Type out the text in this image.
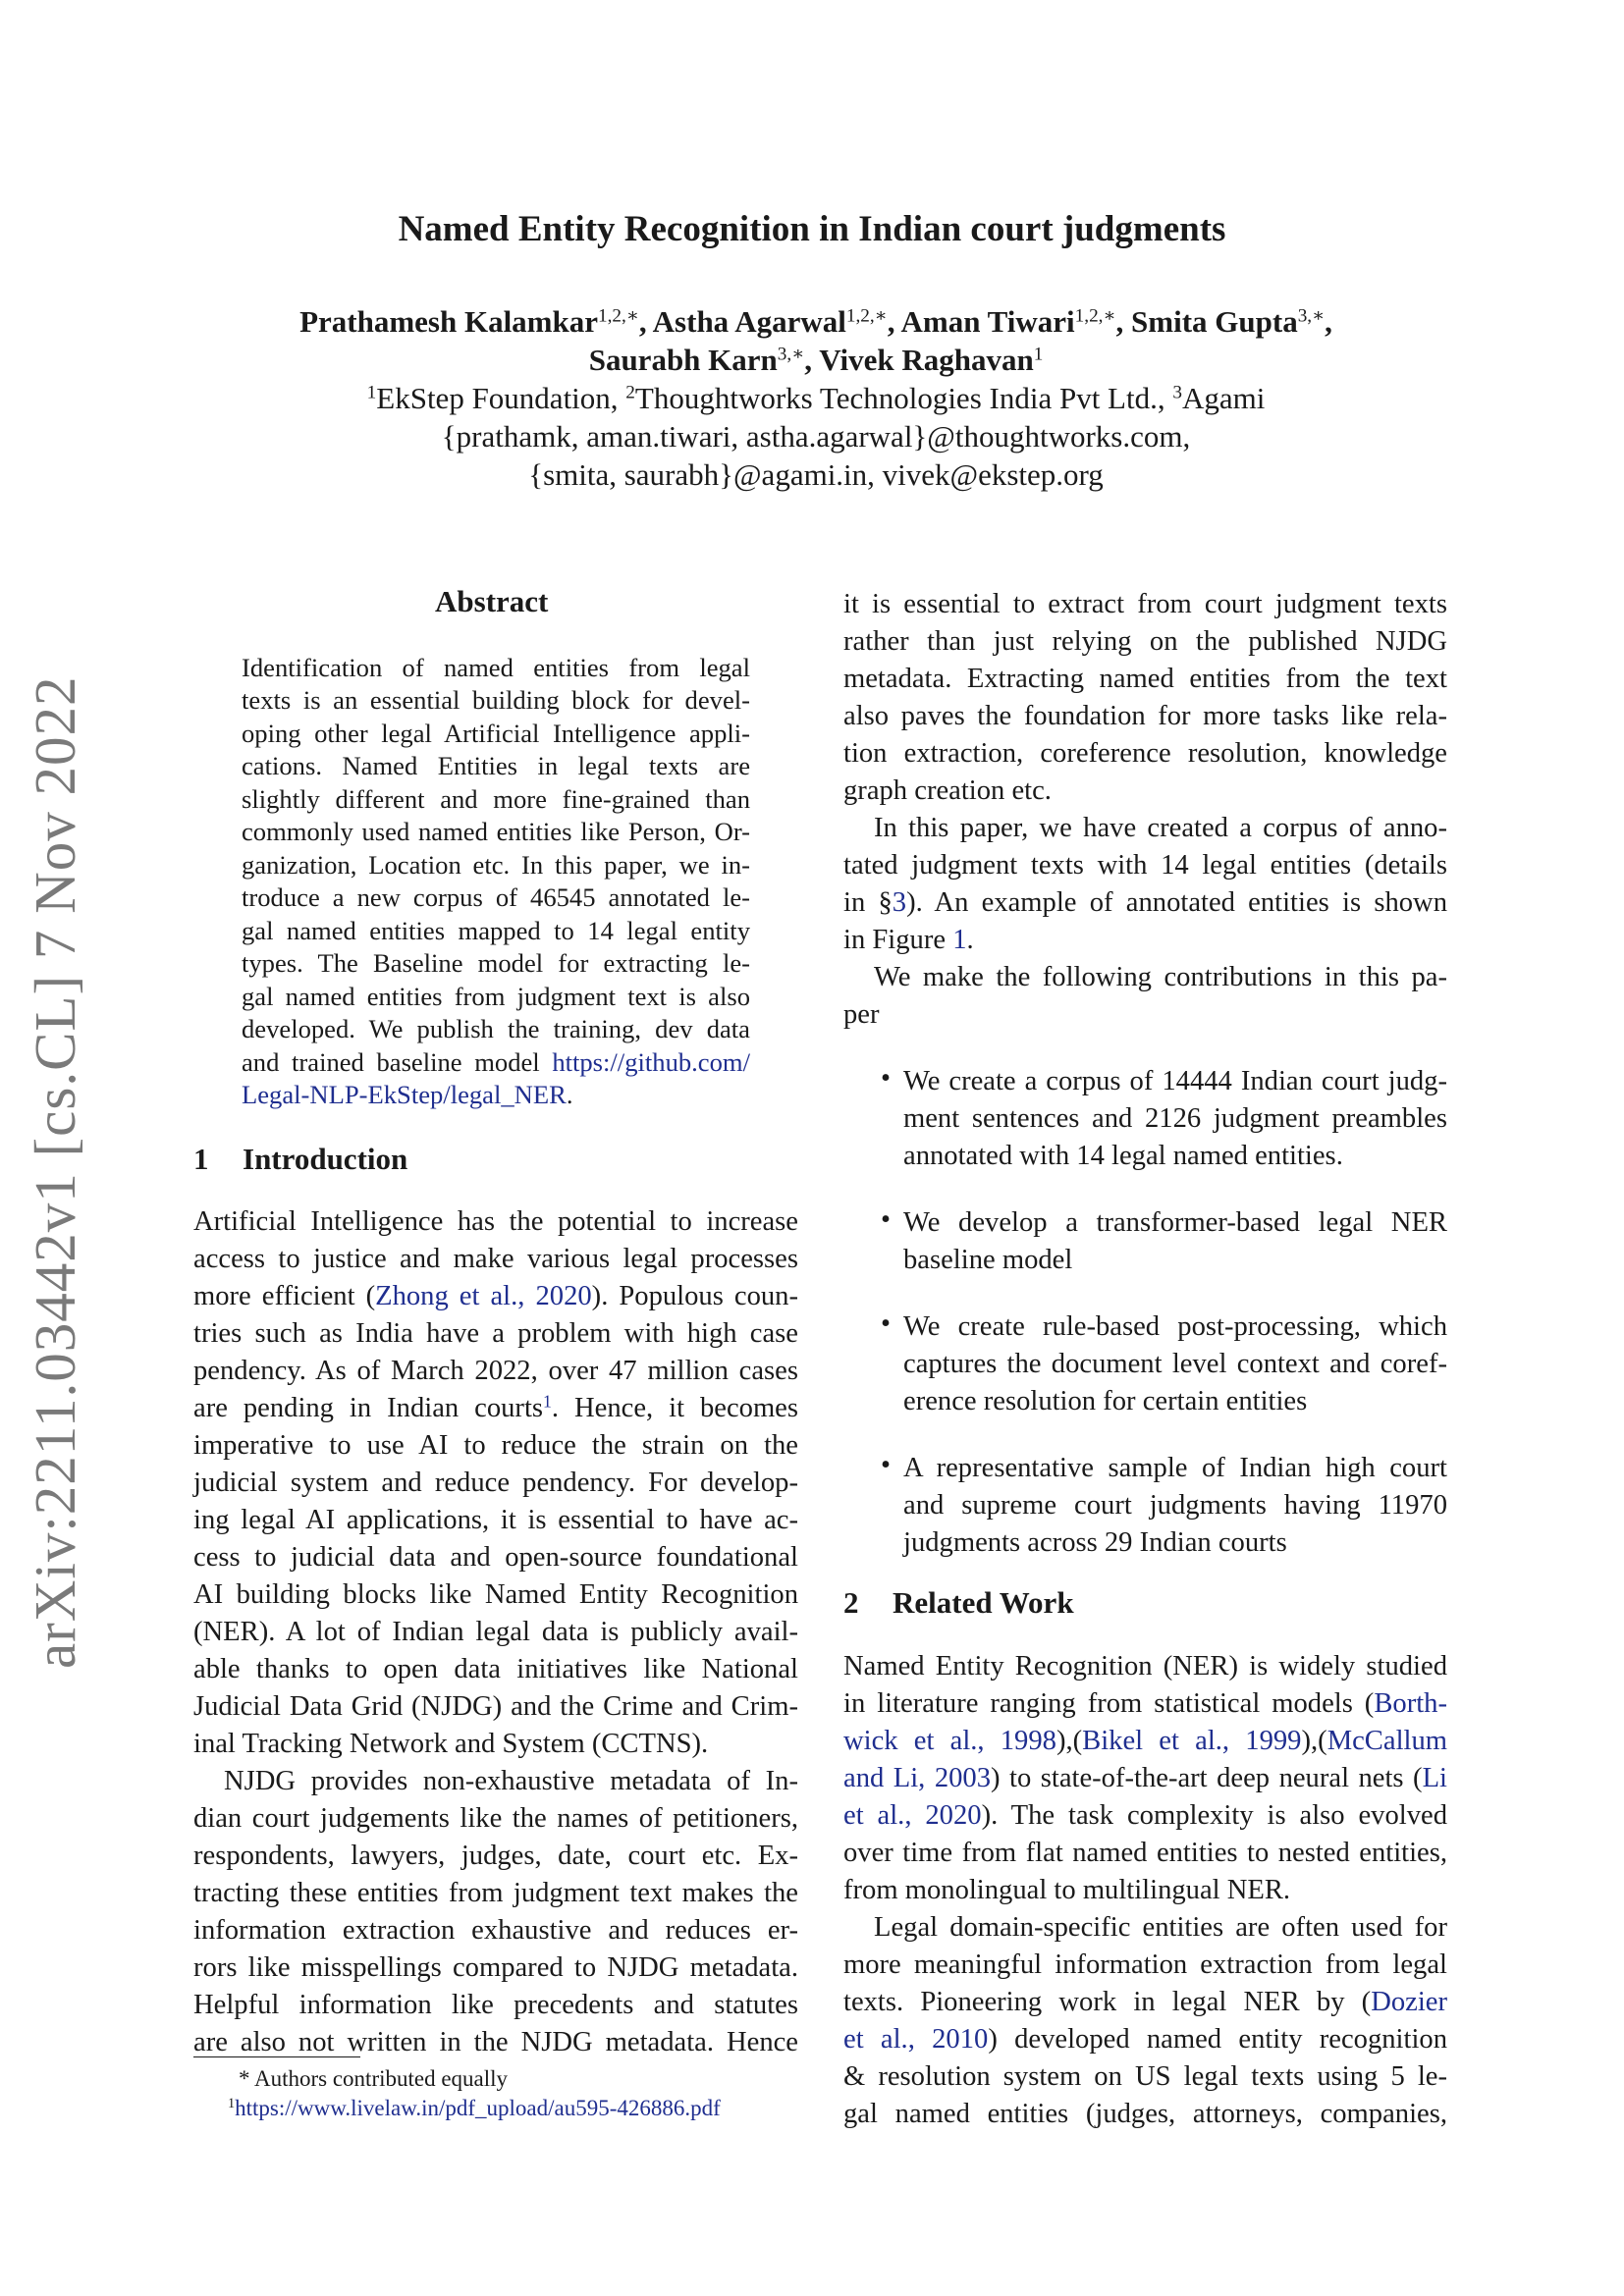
arXiv:2211.03442v1 [cs.CL] 7 Nov 2022
Named Entity Recognition in Indian court judgments
Prathamesh Kalamkar$^{1,2,∗}$, Astha Agarwal$^{1,2,∗}$, Aman Tiwari$^{1,2,∗}$, Smita Gupta$^{3,∗}$,
Saurabh Karn$^{3,∗}$, Vivek Raghavan$^1$
$^1$EkStep Foundation, $^2$Thoughtworks Technologies India Pvt Ltd., $^3$Agami
{prathamk, aman.tiwari, astha.agarwal}@thoughtworks.com,
{smita, saurabh}@agami.in, vivek@ekstep.org
Abstract
Identification of named entities from legal
texts is an essential building block for devel-
oping other legal Artificial Intelligence appli-
cations. Named Entities in legal texts are
slightly different and more fine-grained than
commonly used named entities like Person, Or-
ganization, Location etc. In this paper, we in-
troduce a new corpus of 46545 annotated le-
gal named entities mapped to 14 legal entity
types. The Baseline model for extracting le-
gal named entities from judgment text is also
developed. We publish the training, dev data
and trained baseline model https://github.com/
Legal-NLP-EkStep/legal_NER.
1 Introduction
Artificial Intelligence has the potential to increase
access to justice and make various legal processes
more efficient (Zhong et al., 2020). Populous coun-
tries such as India have a problem with high case
pendency. As of March 2022, over 47 million cases
are pending in Indian courts$^1$. Hence, it becomes
imperative to use AI to reduce the strain on the
judicial system and reduce pendency. For develop-
ing legal AI applications, it is essential to have ac-
cess to judicial data and open-source foundational
AI building blocks like Named Entity Recognition
(NER). A lot of Indian legal data is publicly avail-
able thanks to open data initiatives like National
Judicial Data Grid (NJDG) and the Crime and Crim-
inal Tracking Network and System (CCTNS).
NJDG provides non-exhaustive metadata of In-
dian court judgements like the names of petitioners,
respondents, lawyers, judges, date, court etc. Ex-
tracting these entities from judgment text makes the
information extraction exhaustive and reduces er-
rors like misspellings compared to NJDG metadata.
Helpful information like precedents and statutes
are also not written in the NJDG metadata. Hence
* Authors contributed equally
$^1$https://www.livelaw.in/pdf_upload/au595-426886.pdf
it is essential to extract from court judgment texts
rather than just relying on the published NJDG
metadata. Extracting named entities from the text
also paves the foundation for more tasks like rela-
tion extraction, coreference resolution, knowledge
graph creation etc.
In this paper, we have created a corpus of anno-
tated judgment texts with 14 legal entities (details
in §3). An example of annotated entities is shown
in Figure 1.
We make the following contributions in this pa-
per
• We create a corpus of 14444 Indian court judg-
ment sentences and 2126 judgment preambles
annotated with 14 legal named entities.
• We develop a transformer-based legal NER
baseline model
• We create rule-based post-processing, which
captures the document level context and coref-
erence resolution for certain entities
• A representative sample of Indian high court
and supreme court judgments having 11970
judgments across 29 Indian courts
2 Related Work
Named Entity Recognition (NER) is widely studied
in literature ranging from statistical models (Borth-
wick et al., 1998),(Bikel et al., 1999),(McCallum
and Li, 2003) to state-of-the-art deep neural nets (Li
et al., 2020). The task complexity is also evolved
over time from flat named entities to nested entities,
from monolingual to multilingual NER.
Legal domain-specific entities are often used for
more meaningful information extraction from legal
texts. Pioneering work in legal NER by (Dozier
et al., 2010) developed named entity recognition
& resolution system on US legal texts using 5 le-
gal named entities (judges, attorneys, companies,
